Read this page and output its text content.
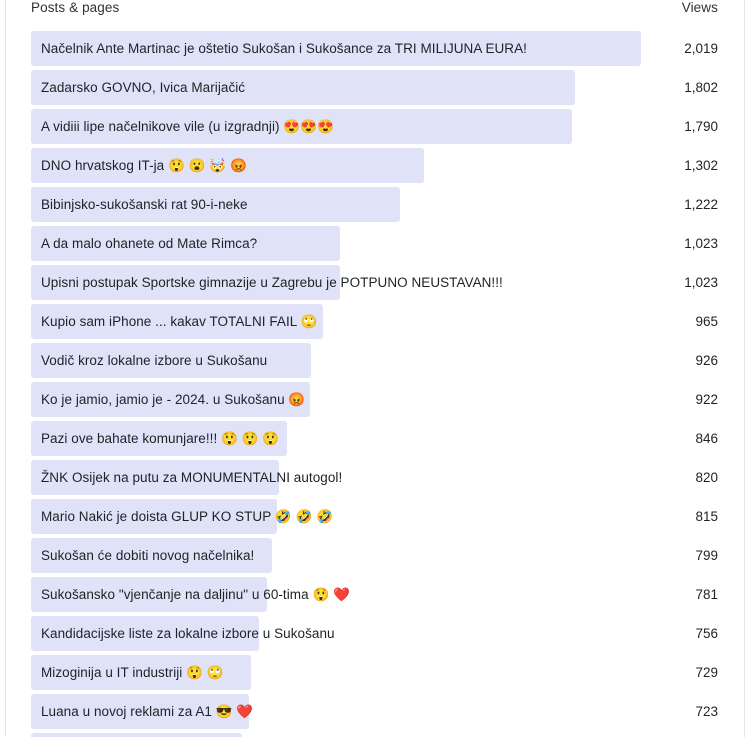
Posts & pages	Views
Načelnik Ante Martinac je oštetio Sukošan i Sukošance za TRI MILIJUNA EURA!	2,019
Zadarsko GOVNO, Ivica Marijačić	1,802
A vidiii lipe načelnikove vile (u izgradnji) 😍😍😍	1,790
DNO hrvatskog IT-ja 😲 😮 🤯 😡	1,302
Bibinjsko-sukošanski rat 90-i-neke	1,222
A da malo ohanete od Mate Rimca?	1,023
Upisni postupak Sportske gimnazije u Zagrebu je POTPUNO NEUSTAVAN!!!	1,023
Kupio sam iPhone ... kakav TOTALNI FAIL 🙄	965
Vodič kroz lokalne izbore u Sukošanu	926
Ko je jamio, jamio je - 2024. u Sukošanu 😡	922
Pazi ove bahate komunjare!!! 😲 😲 😲	846
ŽNK Osijek na putu za MONUMENTALNI autogol!	820
Mario Nakić je doista GLUP KO STUP 🤣 🤣 🤣	815
Sukošan će dobiti novog načelnika!	799
Sukošansko "vjenčanje na daljinu" u 60-tima 😲 ❤️	781
Kandidacijske liste za lokalne izbore u Sukošanu	756
Mizoginija u IT industriji 😲 🙄	729
Luana u novoj reklami za A1 😎 ❤️	723
